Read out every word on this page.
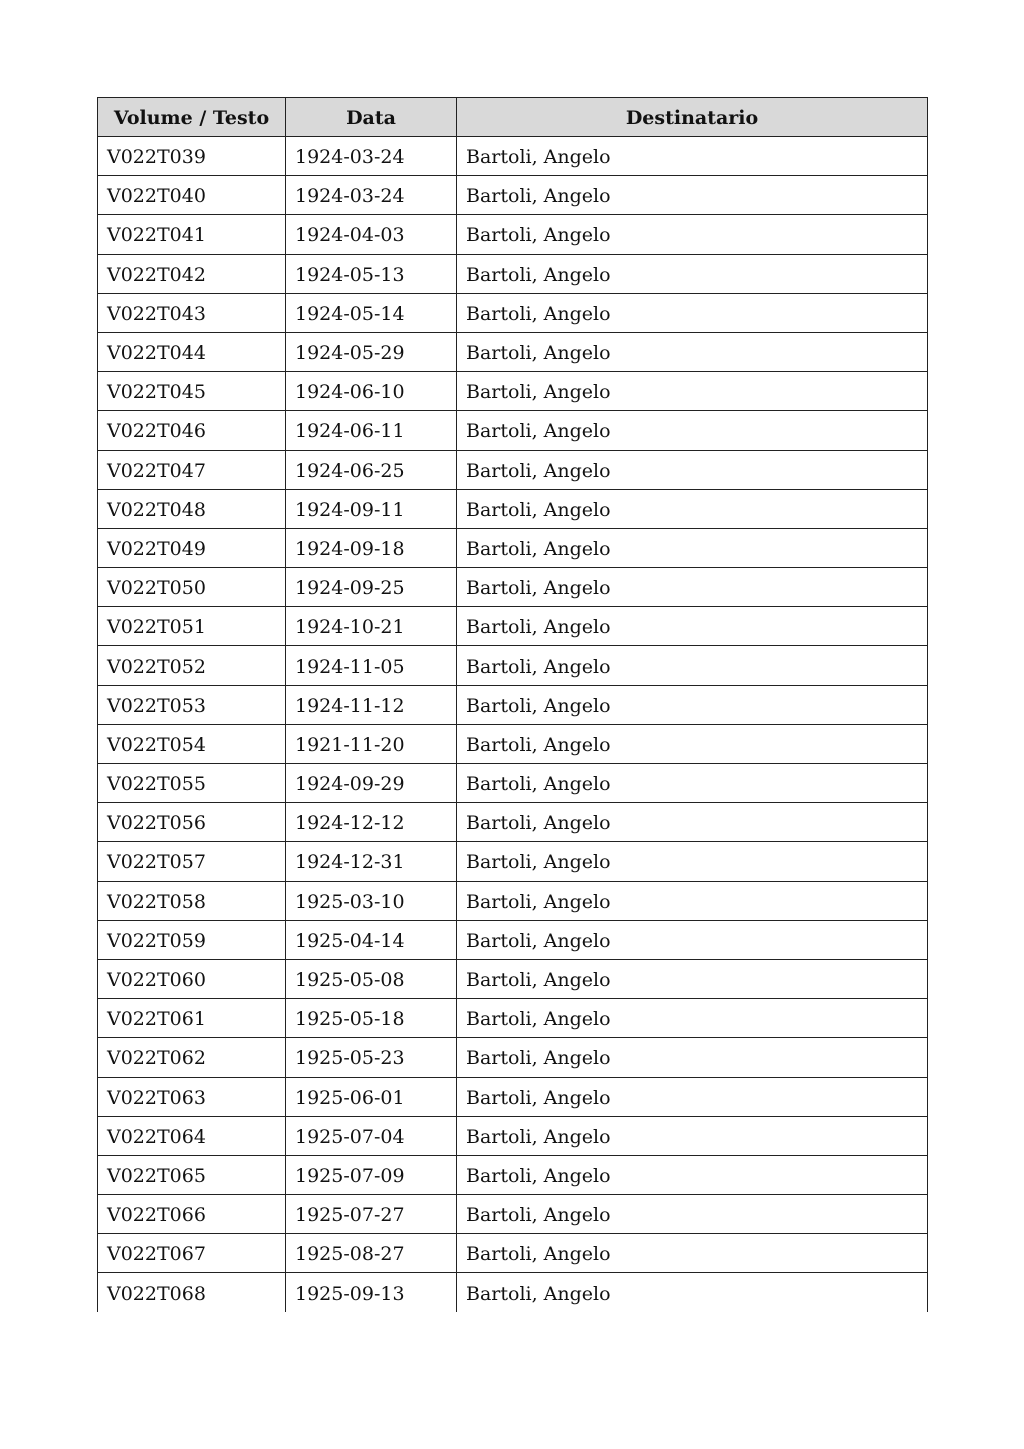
Volume / Testo	Data	Destinatario
V022T039	1924-03-24	Bartoli, Angelo
V022T040	1924-03-24	Bartoli, Angelo
V022T041	1924-04-03	Bartoli, Angelo
V022T042	1924-05-13	Bartoli, Angelo
V022T043	1924-05-14	Bartoli, Angelo
V022T044	1924-05-29	Bartoli, Angelo
V022T045	1924-06-10	Bartoli, Angelo
V022T046	1924-06-11	Bartoli, Angelo
V022T047	1924-06-25	Bartoli, Angelo
V022T048	1924-09-11	Bartoli, Angelo
V022T049	1924-09-18	Bartoli, Angelo
V022T050	1924-09-25	Bartoli, Angelo
V022T051	1924-10-21	Bartoli, Angelo
V022T052	1924-11-05	Bartoli, Angelo
V022T053	1924-11-12	Bartoli, Angelo
V022T054	1921-11-20	Bartoli, Angelo
V022T055	1924-09-29	Bartoli, Angelo
V022T056	1924-12-12	Bartoli, Angelo
V022T057	1924-12-31	Bartoli, Angelo
V022T058	1925-03-10	Bartoli, Angelo
V022T059	1925-04-14	Bartoli, Angelo
V022T060	1925-05-08	Bartoli, Angelo
V022T061	1925-05-18	Bartoli, Angelo
V022T062	1925-05-23	Bartoli, Angelo
V022T063	1925-06-01	Bartoli, Angelo
V022T064	1925-07-04	Bartoli, Angelo
V022T065	1925-07-09	Bartoli, Angelo
V022T066	1925-07-27	Bartoli, Angelo
V022T067	1925-08-27	Bartoli, Angelo
V022T068	1925-09-13	Bartoli, Angelo
